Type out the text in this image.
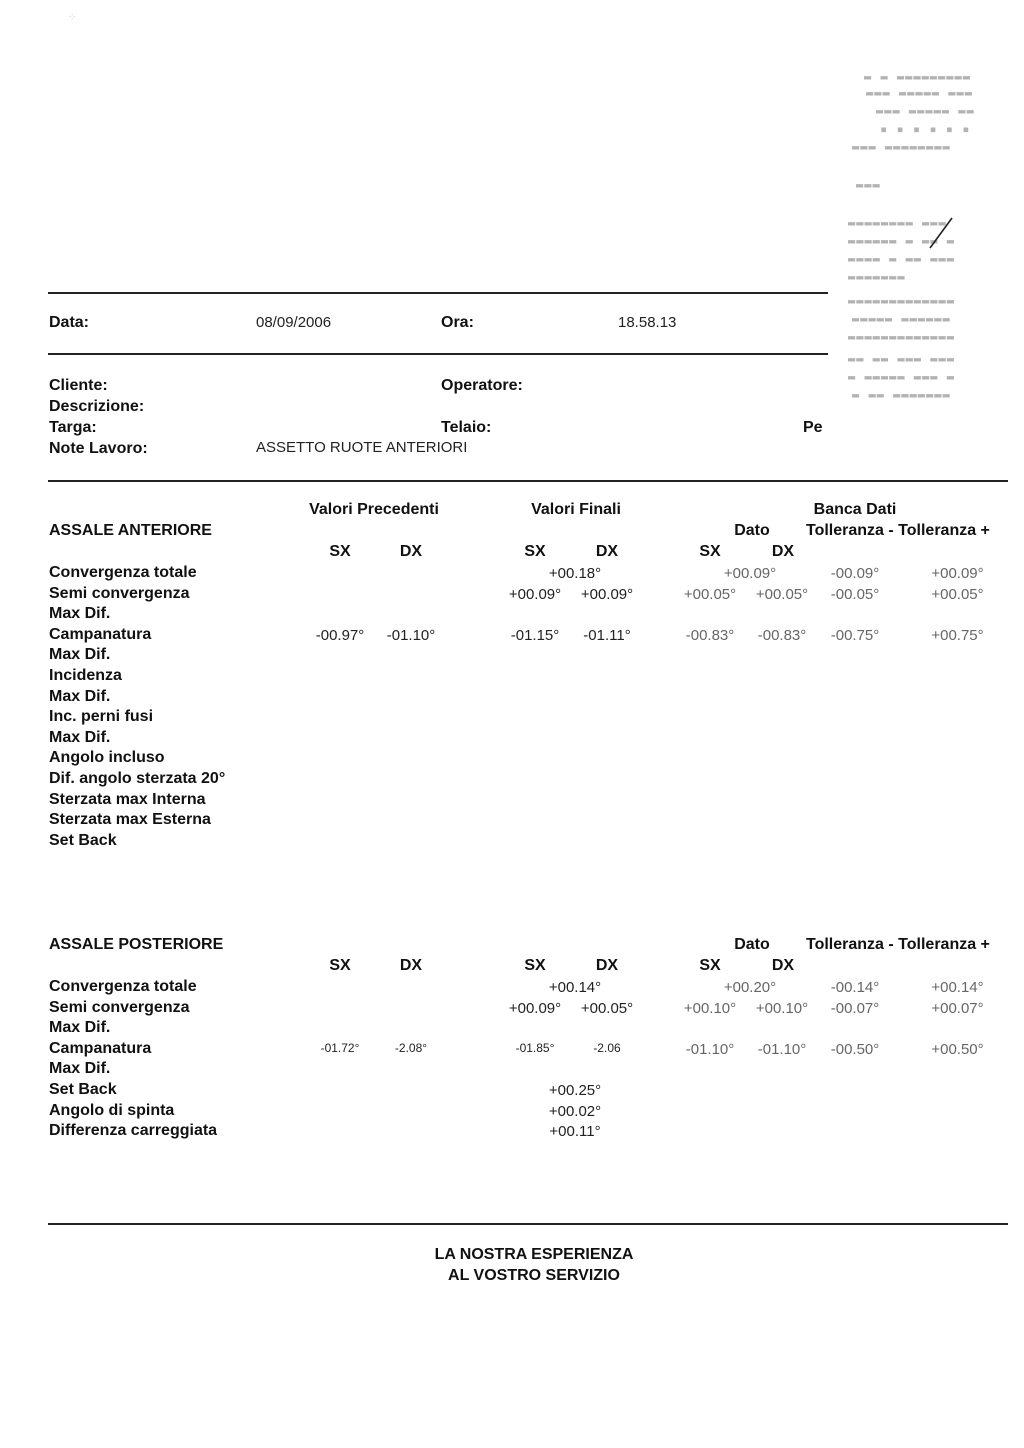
⁘
▬ ▬ ▬▬▬▬▬▬▬▬▬
▬▬▬ ▬▬▬▬▬ ▬▬▬
▬▬▬ ▬▬▬▬▬ ▬▬
▪ ▪ ▪ ▪ ▪ ▪
▬▬▬ ▬▬▬▬▬▬▬▬
▬▬▬
▬▬▬▬▬▬▬▬ ▬▬▬
▬▬▬▬▬▬ ▬ ▬▬ ▬
▬▬▬▬ ▬ ▬▬ ▬▬▬
▬▬▬▬▬▬▬
▬▬▬▬▬▬▬▬▬▬▬▬▬
▬▬▬▬▬ ▬▬▬▬▬▬
▬▬▬▬▬▬▬▬▬▬▬▬▬
▬▬ ▬▬ ▬▬▬ ▬▬▬
▬ ▬▬▬▬▬ ▬▬▬ ▬
▬ ▬▬ ▬▬▬▬▬▬▬
Data:	08/09/2006	Ora:	18.58.13
Cliente:	Operatore:
Descrizione:
Targa:	Telaio:	Pe
Note Lavoro:	ASSETTO RUOTE ANTERIORI
Valori Precedenti	Valori Finali	Banca Dati
ASSALE ANTERIORE	Dato	Tolleranza - Tolleranza +
SX	DX	SX	DX	SX	DX
Convergenza totale	+00.18°	+00.09°	-00.09°	+00.09°
Semi convergenza	+00.09°	+00.09°	+00.05°	+00.05°	-00.05°	+00.05°
Max Dif.
Campanatura	-00.97°	-01.10°	-01.15°	-01.11°	-00.83°	-00.83°	-00.75°	+00.75°
Max Dif.
Incidenza
Max Dif.
Inc. perni fusi
Max Dif.
Angolo incluso
Dif. angolo sterzata 20°
Sterzata max Interna
Sterzata max Esterna
Set Back
ASSALE POSTERIORE	Dato	Tolleranza - Tolleranza +
SX	DX	SX	DX	SX	DX
Convergenza totale	+00.14°	+00.20°	-00.14°	+00.14°
Semi convergenza	+00.09°	+00.05°	+00.10°	+00.10°	-00.07°	+00.07°
Max Dif.
Campanatura	-01.72°	-2.08°	-01.85°	-2.06	-01.10°	-01.10°	-00.50°	+00.50°
Max Dif.
Set Back	+00.25°
Angolo di spinta	+00.02°
Differenza carreggiata	+00.11°
LA NOSTRA ESPERIENZA
AL VOSTRO SERVIZIO
